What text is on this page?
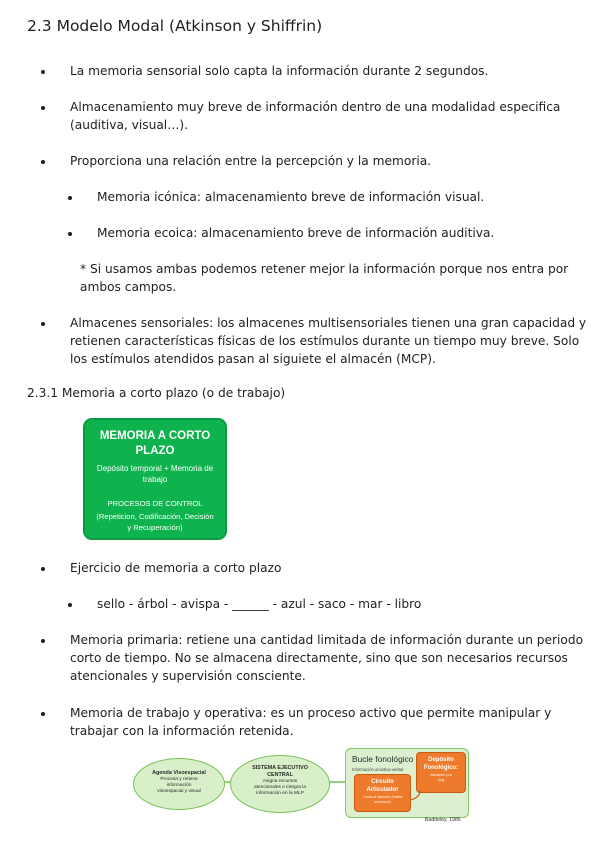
2.3 Modelo Modal (Atkinson y Shiffrin)
La memoria sensorial solo capta la información durante 2 segundos.
Almacenamiento muy breve de información dentro de una modalidad especifica
(auditiva, visual…).
Proporciona una relación entre la percepción y la memoria.
Memoria icónica: almacenamiento breve de información visual.
Memoria ecoica: almacenamiento breve de información auditiva.
* Si usamos ambas podemos retener mejor la información porque nos entra por
ambos campos.
Almacenes sensoriales: los almacenes multisensoriales tienen una gran capacidad y
retienen características físicas de los estímulos durante un tiempo muy breve. Solo
los estímulos atendidos pasan al siguiete el almacén (MCP).
2.3.1 Memoria a corto plazo (o de trabajo)
MEMORIA A CORTO
PLAZO
Depósito temporal + Memoria de
trabajo
PROCESOS DE CONTROL
(Repeticion, Codificación, Decisión
y Recuperación)
Ejercicio de memoria a corto plazo
sello - árbol - avispa - ______ - azul - saco - mar - libro
Memoria primaria: retiene una cantidad limitada de información durante un periodo
corto de tiempo. No se almacena directamente, sino que son necesarios recursos
atencionales y supervisión consciente.
Memoria de trabajo y operativa: es un proceso activo que permite manipular y
trabajar con la información retenida.
Agenda Visoespacial
Procesa y retiene
información
visoespacial y visual
SISTEMA EJECUTIVO
CENTRAL
Asigna recursos
atencionales e integra la
información en la MLP
Bucle fonológico
Información acústica-verbal
Depósito
Fonológico:
Almacén por
2sg
Circuito
Articulador
Cada el silencio (habla
subvocal)
Baddeley, 1986
